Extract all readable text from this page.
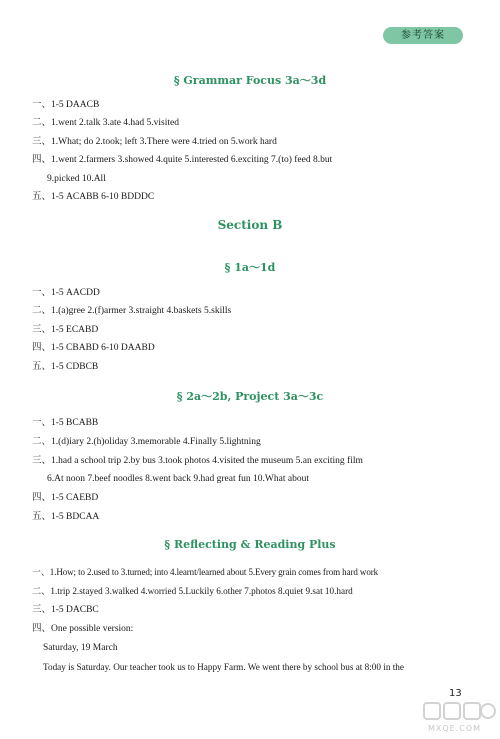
参考答案
§ Grammar Focus 3a～3d
一、1-5 DAACB
二、1.went 2.talk 3.ate 4.had 5.visited
三、1.What; do 2.took; left 3.There were 4.tried on 5.work hard
四、1.went 2.farmers 3.showed 4.quite 5.interested 6.exciting 7.(to) feed 8.but
9.picked 10.All
五、1-5 ACABB 6-10 BDDDC
Section B
§ 1a～1d
一、1-5 AACDD
二、1.(a)gree 2.(f)armer 3.straight 4.baskets 5.skills
三、1-5 ECABD
四、1-5 CBABD 6-10 DAABD
五、1-5 CDBCB
§ 2a～2b, Project 3a～3c
一、1-5 BCABB
二、1.(d)iary 2.(h)oliday 3.memorable 4.Finally 5.lightning
三、1.had a school trip 2.by bus 3.took photos 4.visited the museum 5.an exciting film
6.At noon 7.beef noodles 8.went back 9.had great fun 10.What about
四、1-5 CAEBD
五、1-5 BDCAA
§ Reflecting & Reading Plus
一、1.How; to 2.used to 3.turned; into 4.learnt/learned about 5.Every grain comes from hard work
二、1.trip 2.stayed 3.walked 4.worried 5.Luckily 6.other 7.photos 8.quiet 9.sat 10.hard
三、1-5 DACBC
四、One possible version:
Saturday, 19 March
Today is Saturday. Our teacher took us to Happy Farm. We went there by school bus at 8:00 in the
13
MXQE.COM
